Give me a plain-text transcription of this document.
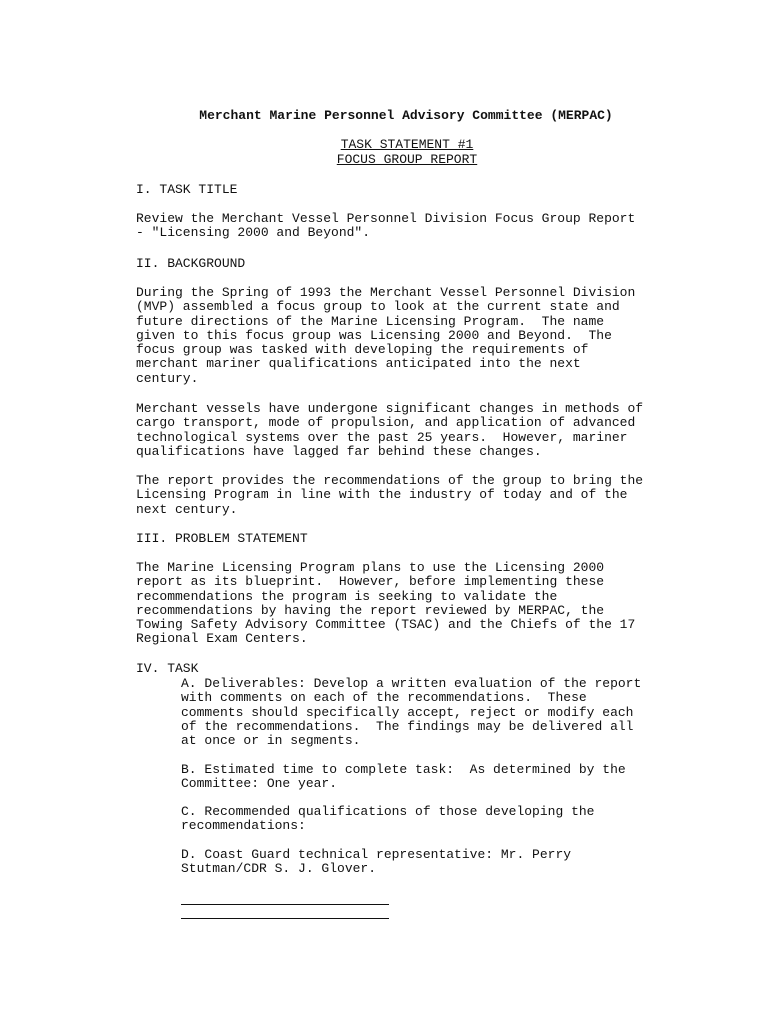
Merchant Marine Personnel Advisory Committee (MERPAC)

TASK STATEMENT #1

FOCUS GROUP REPORT

I. TASK TITLE

Review the Merchant Vessel Personnel Division Focus Group Report
- "Licensing 2000 and Beyond".

II. BACKGROUND

During the Spring of 1993 the Merchant Vessel Personnel Division
(MVP) assembled a focus group to look at the current state and
future directions of the Marine Licensing Program.  The name
given to this focus group was Licensing 2000 and Beyond.  The
focus group was tasked with developing the requirements of
merchant mariner qualifications anticipated into the next
century.

Merchant vessels have undergone significant changes in methods of
cargo transport, mode of propulsion, and application of advanced
technological systems over the past 25 years.  However, mariner
qualifications have lagged far behind these changes.

The report provides the recommendations of the group to bring the
Licensing Program in line with the industry of today and of the
next century.

III. PROBLEM STATEMENT

The Marine Licensing Program plans to use the Licensing 2000
report as its blueprint.  However, before implementing these
recommendations the program is seeking to validate the
recommendations by having the report reviewed by MERPAC, the
Towing Safety Advisory Committee (TSAC) and the Chiefs of the 17
Regional Exam Centers.

IV. TASK

A. Deliverables: Develop a written evaluation of the report
with comments on each of the recommendations.  These
comments should specifically accept, reject or modify each
of the recommendations.  The findings may be delivered all
at once or in segments.

B. Estimated time to complete task:  As determined by the
Committee: One year.

C. Recommended qualifications of those developing the
recommendations:

D. Coast Guard technical representative: Mr. Perry
Stutman/CDR S. J. Glover.
